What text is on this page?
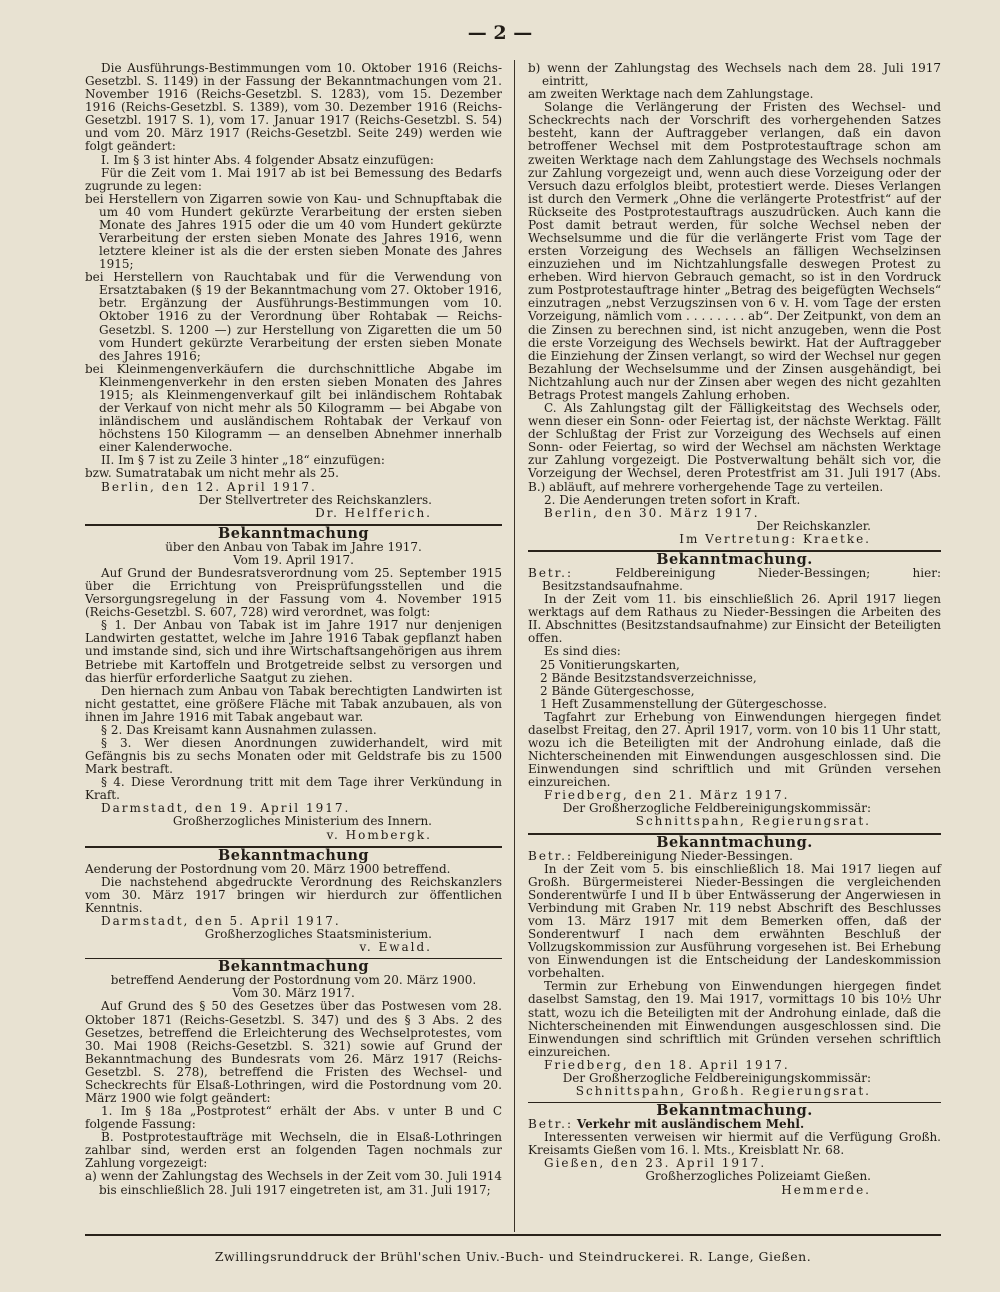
— 2 —

Die Ausführungs-Bestimmungen vom 10. Oktober 1916 (Reichs-Gesetzbl. S. 1149) in der Fassung der Bekanntmachungen vom 21. November 1916 (Reichs-Gesetzbl. S. 1283), vom 15. Dezember 1916 (Reichs-Gesetzbl. S. 1389), vom 30. Dezember 1916 (Reichs-Gesetzbl. 1917 S. 1), vom 17. Januar 1917 (Reichs-Gesetzbl. S. 54) und vom 20. März 1917 (Reichs-Gesetzbl. Seite 249) werden wie folgt geändert:

I. Im § 3 ist hinter Abs. 4 folgender Absatz einzufügen:

Für die Zeit vom 1. Mai 1917 ab ist bei Bemessung des Bedarfs zugrunde zu legen:

bei Herstellern von Zigarren sowie von Kau- und Schnupftabak die um 40 vom Hundert gekürzte Verarbeitung der ersten sieben Monate des Jahres 1915 oder die um 40 vom Hundert gekürzte Verarbeitung der ersten sieben Monate des Jahres 1916, wenn letztere kleiner ist als die der ersten sieben Monate des Jahres 1915;

bei Herstellern von Rauchtabak und für die Verwendung von Ersatztabaken (§ 19 der Bekanntmachung vom 27. Oktober 1916, betr. Ergänzung der Ausführungs-Bestimmungen vom 10. Oktober 1916 zu der Verordnung über Rohtabak — Reichs-Gesetzbl. S. 1200 —) zur Herstellung von Zigaretten die um 50 vom Hundert gekürzte Verarbeitung der ersten sieben Monate des Jahres 1916;

bei Kleinmengenverkäufern die durchschnittliche Abgabe im Kleinmengenverkehr in den ersten sieben Monaten des Jahres 1915; als Kleinmengenverkauf gilt bei inländischem Rohtabak der Verkauf von nicht mehr als 50 Kilogramm — bei Abgabe von inländischem und ausländischem Rohtabak der Verkauf von höchstens 150 Kilogramm — an denselben Abnehmer innerhalb einer Kalenderwoche.

II. Im § 7 ist zu Zeile 3 hinter „18“ einzufügen:

bzw. Sumatratabak um nicht mehr als 25.

Berlin, den 12. April 1917.

Der Stellvertreter des Reichskanzlers.

Dr. Helfferich.

Bekanntmachung

über den Anbau von Tabak im Jahre 1917.

Vom 19. April 1917.

Auf Grund der Bundesratsverordnung vom 25. September 1915 über die Errichtung von Preisprüfungsstellen und die Versorgungsregelung in der Fassung vom 4. November 1915 (Reichs-Gesetzbl. S. 607, 728) wird verordnet, was folgt:

§ 1. Der Anbau von Tabak ist im Jahre 1917 nur denjenigen Landwirten gestattet, welche im Jahre 1916 Tabak gepflanzt haben und imstande sind, sich und ihre Wirtschaftsangehörigen aus ihrem Betriebe mit Kartoffeln und Brotgetreide selbst zu versorgen und das hierfür erforderliche Saatgut zu ziehen.

Den hiernach zum Anbau von Tabak berechtigten Landwirten ist nicht gestattet, eine größere Fläche mit Tabak anzubauen, als von ihnen im Jahre 1916 mit Tabak angebaut war.

§ 2. Das Kreisamt kann Ausnahmen zulassen.

§ 3. Wer diesen Anordnungen zuwiderhandelt, wird mit Gefängnis bis zu sechs Monaten oder mit Geldstrafe bis zu 1500 Mark bestraft.

§ 4. Diese Verordnung tritt mit dem Tage ihrer Verkündung in Kraft.

Darmstadt, den 19. April 1917.

Großherzogliches Ministerium des Innern.

v. Hombergk.

Bekanntmachung

Aenderung der Postordnung vom 20. März 1900 betreffend.

Die nachstehend abgedruckte Verordnung des Reichskanzlers vom 30. März 1917 bringen wir hierdurch zur öffentlichen Kenntnis.

Darmstadt, den 5. April 1917.

Großherzogliches Staatsministerium.

v. Ewald.

Bekanntmachung

betreffend Aenderung der Postordnung vom 20. März 1900.

Vom 30. März 1917.

Auf Grund des § 50 des Gesetzes über das Postwesen vom 28. Oktober 1871 (Reichs-Gesetzbl. S. 347) und des § 3 Abs. 2 des Gesetzes, betreffend die Erleichterung des Wechselprotestes, vom 30. Mai 1908 (Reichs-Gesetzbl. S. 321) sowie auf Grund der Bekanntmachung des Bundesrats vom 26. März 1917 (Reichs-Gesetzbl. S. 278), betreffend die Fristen des Wechsel- und Scheckrechts für Elsaß-Lothringen, wird die Postordnung vom 20. März 1900 wie folgt geändert:

1. Im § 18a „Postprotest“ erhält der Abs. v unter B und C folgende Fassung:

B. Postprotestaufträge mit Wechseln, die in Elsaß-Lothringen zahlbar sind, werden erst an folgenden Tagen nochmals zur Zahlung vorgezeigt:

a) wenn der Zahlungstag des Wechsels in der Zeit vom 30. Juli 1914 bis einschließlich 28. Juli 1917 eingetreten ist, am 31. Juli 1917;

b) wenn der Zahlungstag des Wechsels nach dem 28. Juli 1917 eintritt,

am zweiten Werktage nach dem Zahlungstage.

Solange die Verlängerung der Fristen des Wechsel- und Scheckrechts nach der Vorschrift des vorhergehenden Satzes besteht, kann der Auftraggeber verlangen, daß ein davon betroffener Wechsel mit dem Postprotestauftrage schon am zweiten Werktage nach dem Zahlungstage des Wechsels nochmals zur Zahlung vorgezeigt und, wenn auch diese Vorzeigung oder der Versuch dazu erfolglos bleibt, protestiert werde. Dieses Verlangen ist durch den Vermerk „Ohne die verlängerte Protestfrist“ auf der Rückseite des Postprotestauftrags auszudrücken. Auch kann die Post damit betraut werden, für solche Wechsel neben der Wechselsumme und die für die verlängerte Frist vom Tage der ersten Vorzeigung des Wechsels an fälligen Wechselzinsen einzuziehen und im Nichtzahlungsfalle deswegen Protest zu erheben. Wird hiervon Gebrauch gemacht, so ist in den Vordruck zum Postprotestauftrage hinter „Betrag des beigefügten Wechsels“ einzutragen „nebst Verzugszinsen von 6 v. H. vom Tage der ersten Vorzeigung, nämlich vom . . . . . . . . ab“. Der Zeitpunkt, von dem an die Zinsen zu berechnen sind, ist nicht anzugeben, wenn die Post die erste Vorzeigung des Wechsels bewirkt. Hat der Auftraggeber die Einziehung der Zinsen verlangt, so wird der Wechsel nur gegen Bezahlung der Wechselsumme und der Zinsen ausgehändigt, bei Nichtzahlung auch nur der Zinsen aber wegen des nicht gezahlten Betrags Protest mangels Zahlung erhoben.

C. Als Zahlungstag gilt der Fälligkeitstag des Wechsels oder, wenn dieser ein Sonn- oder Feiertag ist, der nächste Werktag. Fällt der Schlußtag der Frist zur Vorzeigung des Wechsels auf einen Sonn- oder Feiertag, so wird der Wechsel am nächsten Werktage zur Zahlung vorgezeigt. Die Postverwaltung behält sich vor, die Vorzeigung der Wechsel, deren Protestfrist am 31. Juli 1917 (Abs. B.) abläuft, auf mehrere vorhergehende Tage zu verteilen.

2. Die Aenderungen treten sofort in Kraft.

Berlin, den 30. März 1917.

Der Reichskanzler.

Im Vertretung: Kraetke.

Bekanntmachung.

Betr.:	Feldbereinigung Nieder-Bessingen; hier: Besitzstandsaufnahme.

In der Zeit vom 11. bis einschließlich 26. April 1917 liegen werktags auf dem Rathaus zu Nieder-Bessingen die Arbeiten des II. Abschnittes (Besitzstandsaufnahme) zur Einsicht der Beteiligten offen.

Es sind dies:

25 Vonitierungskarten,

2 Bände Besitzstandsverzeichnisse,

2 Bände Gütergeschosse,

1 Heft Zusammenstellung der Gütergeschosse.

Tagfahrt zur Erhebung von Einwendungen hiergegen findet daselbst Freitag, den 27. April 1917, vorm. von 10 bis 11 Uhr statt, wozu ich die Beteiligten mit der Androhung einlade, daß die Nichterscheinenden mit Einwendungen ausgeschlossen sind. Die Einwendungen sind schriftlich und mit Gründen versehen einzureichen.

Friedberg, den 21. März 1917.

Der Großherzogliche Feldbereinigungskommissär:

Schnittspahn, Regierungsrat.

Bekanntmachung.

Betr.: Feldbereinigung Nieder-Bessingen.

In der Zeit vom 5. bis einschließlich 18. Mai 1917 liegen auf Großh. Bürgermeisterei Nieder-Bessingen die vergleichenden Sonderentwürfe I und II b über Entwässerung der Angerwiesen in Verbindung mit Graben Nr. 119 nebst Abschrift des Beschlusses vom 13. März 1917 mit dem Bemerken offen, daß der Sonderentwurf I nach dem erwähnten Beschluß der Vollzugskommission zur Ausführung vorgesehen ist. Bei Erhebung von Einwendungen ist die Entscheidung der Landeskommission vorbehalten.

Termin zur Erhebung von Einwendungen hiergegen findet daselbst Samstag, den 19. Mai 1917, vormittags 10 bis 10½ Uhr statt, wozu ich die Beteiligten mit der Androhung einlade, daß die Nichterscheinenden mit Einwendungen ausgeschlossen sind. Die Einwendungen sind schriftlich mit Gründen versehen schriftlich einzureichen.

Friedberg, den 18. April 1917.

Der Großherzogliche Feldbereinigungskommissär:

Schnittspahn, Großh. Regierungsrat.

Bekanntmachung.

Betr.: Verkehr mit ausländischem Mehl.

Interessenten verweisen wir hiermit auf die Verfügung Großh. Kreisamts Gießen vom 16. l. Mts., Kreisblatt Nr. 68.

Gießen, den 23. April 1917.

Großherzogliches Polizeiamt Gießen.

Hemmerde.

Zwillingsrunddruck der Brühl'schen Univ.-Buch- und Steindruckerei. R. Lange, Gießen.
